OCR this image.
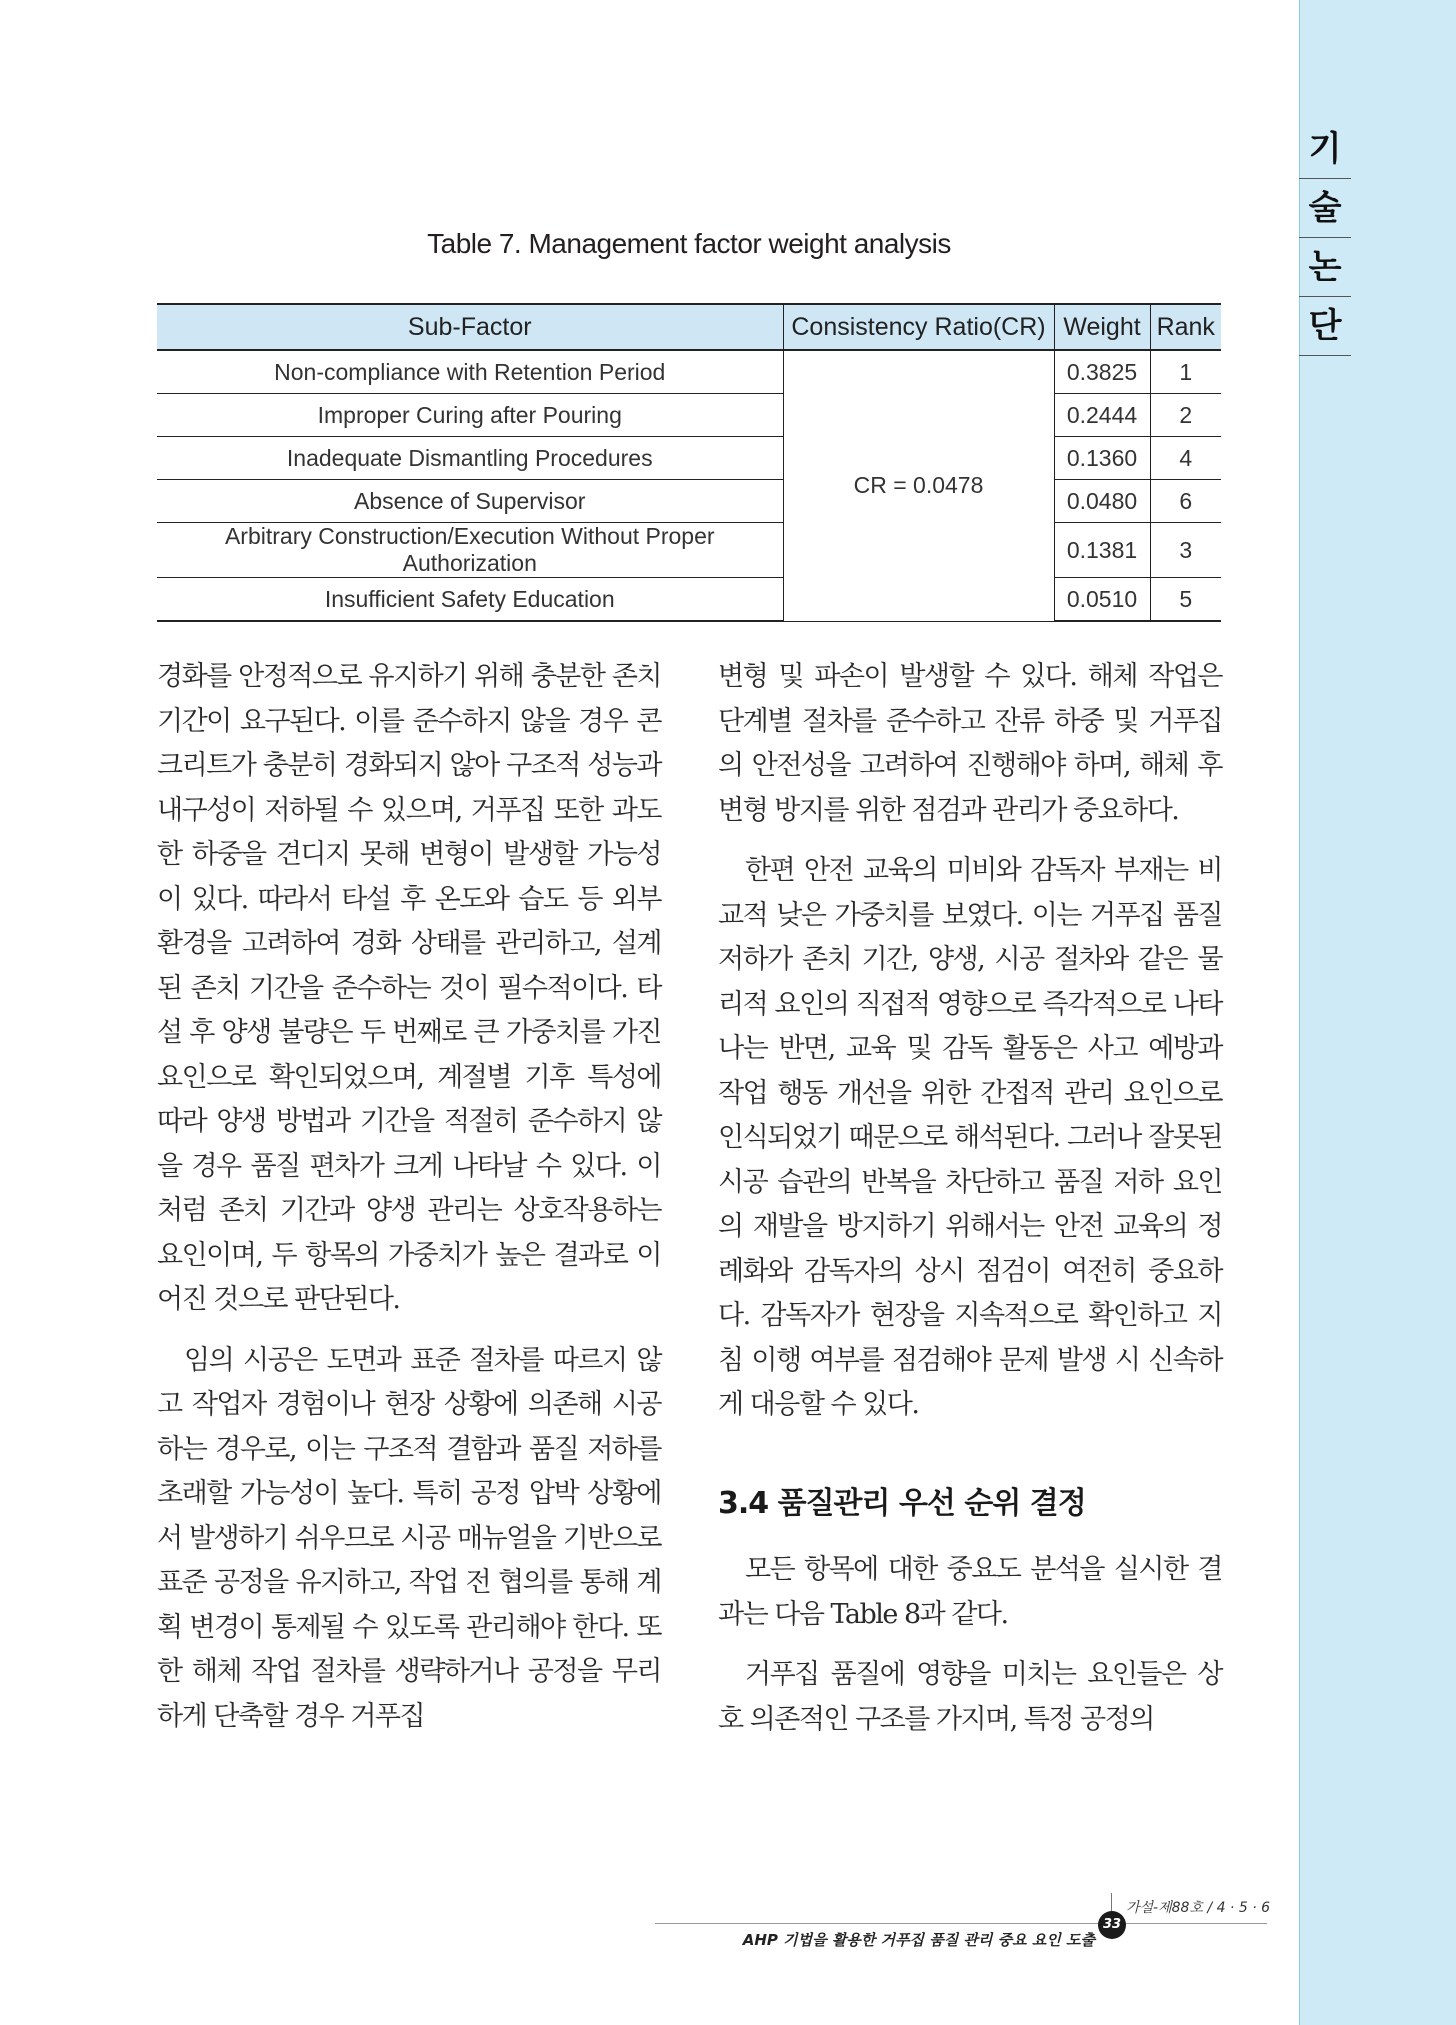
기
술
논
단
Table 7. Management factor weight analysis
Sub-Factor	Consistency Ratio(CR)	Weight	Rank
Non-compliance with Retention Period	CR = 0.0478	0.3825	1
Improper Curing after Pouring		0.2444	2
Inadequate Dismantling Procedures		0.1360	4
Absence of Supervisor		0.0480	6
Arbitrary Construction/Execution Without Proper Authorization		0.1381	3
Insufficient Safety Education		0.0510	5

경화를 안정적으로 유지하기 위해 충분한 존치 기간이 요구된다. 이를 준수하지 않을 경우 콘크리트가 충분히 경화되지 않아 구조적 성능과 내구성이 저하될 수 있으며, 거푸집 또한 과도한 하중을 견디지 못해 변형이 발생할 가능성이 있다. 따라서 타설 후 온도와 습도 등 외부 환경을 고려하여 경화 상태를 관리하고, 설계된 존치 기간을 준수하는 것이 필수적이다. 타설 후 양생 불량은 두 번째로 큰 가중치를 가진 요인으로 확인되었으며, 계절별 기후 특성에 따라 양생 방법과 기간을 적절히 준수하지 않을 경우 품질 편차가 크게 나타날 수 있다. 이처럼 존치 기간과 양생 관리는 상호작용하는 요인이며, 두 항목의 가중치가 높은 결과로 이어진 것으로 판단된다.

임의 시공은 도면과 표준 절차를 따르지 않고 작업자 경험이나 현장 상황에 의존해 시공하는 경우로, 이는 구조적 결함과 품질 저하를 초래할 가능성이 높다. 특히 공정 압박 상황에서 발생하기 쉬우므로 시공 매뉴얼을 기반으로 표준 공정을 유지하고, 작업 전 협의를 통해 계획 변경이 통제될 수 있도록 관리해야 한다. 또한 해체 작업 절차를 생략하거나 공정을 무리하게 단축할 경우 거푸집

변형 및 파손이 발생할 수 있다. 해체 작업은 단계별 절차를 준수하고 잔류 하중 및 거푸집의 안전성을 고려하여 진행해야 하며, 해체 후 변형 방지를 위한 점검과 관리가 중요하다.

한편 안전 교육의 미비와 감독자 부재는 비교적 낮은 가중치를 보였다. 이는 거푸집 품질 저하가 존치 기간, 양생, 시공 절차와 같은 물리적 요인의 직접적 영향으로 즉각적으로 나타나는 반면, 교육 및 감독 활동은 사고 예방과 작업 행동 개선을 위한 간접적 관리 요인으로 인식되었기 때문으로 해석된다. 그러나 잘못된 시공 습관의 반복을 차단하고 품질 저하 요인의 재발을 방지하기 위해서는 안전 교육의 정례화와 감독자의 상시 점검이 여전히 중요하다. 감독자가 현장을 지속적으로 확인하고 지침 이행 여부를 점검해야 문제 발생 시 신속하게 대응할 수 있다.

3.4 품질관리 우선 순위 결정

모든 항목에 대한 중요도 분석을 실시한 결과는 다음 Table 8과 같다.

거푸집 품질에 영향을 미치는 요인들은 상호 의존적인 구조를 가지며, 특정 공정의

가설-제88호 / 4 · 5 · 6
33
AHP 기법을 활용한 거푸집 품질 관리 중요 요인 도출
